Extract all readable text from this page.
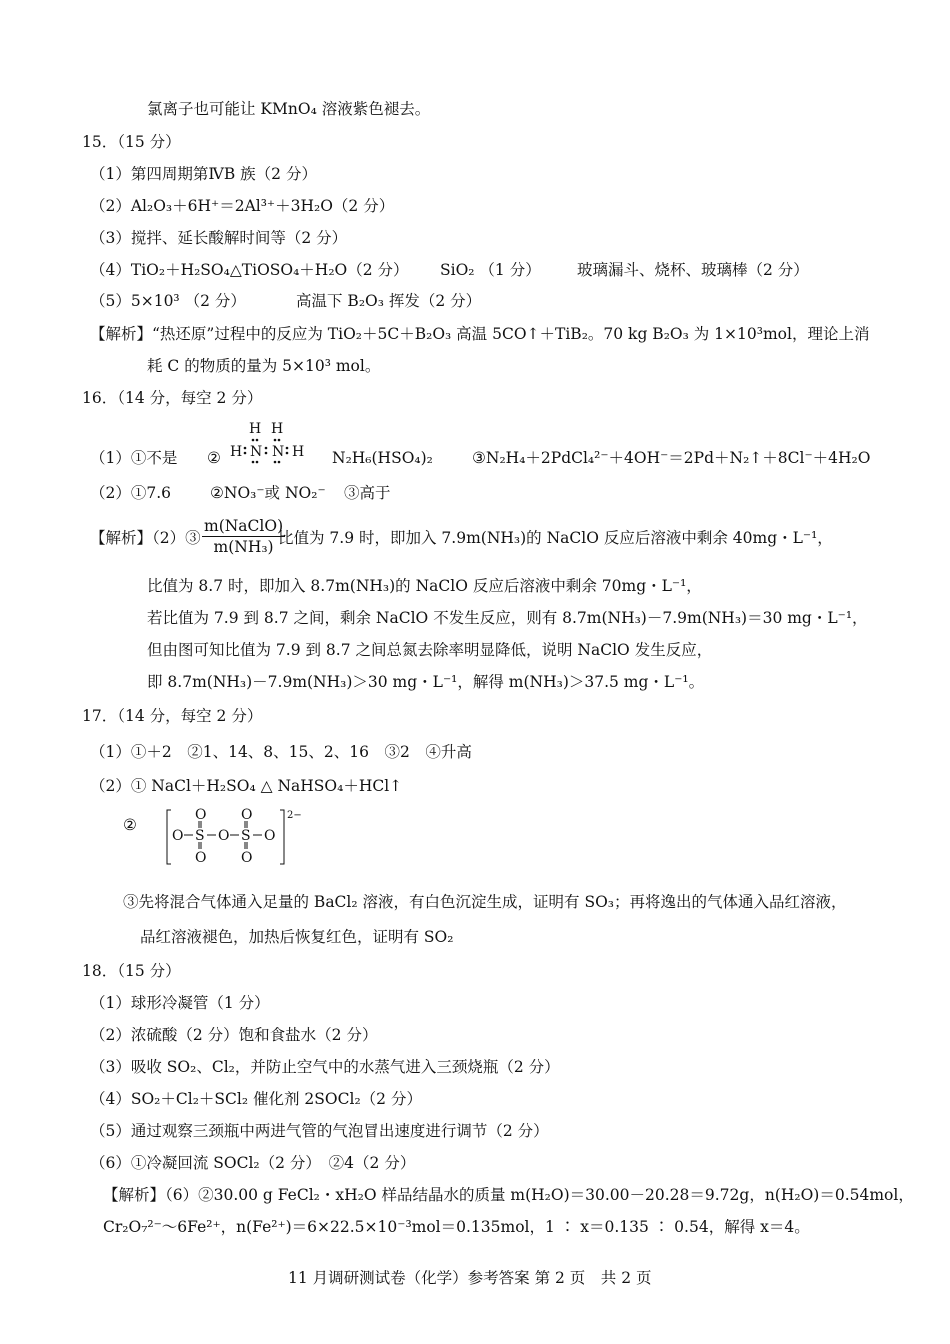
氯离子也可能让 KMnO₄ 溶液紫色褪去。
15．（15 分）
（1）第四周期第ⅣB 族（2 分）
（2）Al₂O₃＋6H⁺＝2Al³⁺＋3H₂O（2 分）
（3）搅拌、延长酸解时间等（2 分）
（4）TiO₂＋H₂SO₄△TiOSO₄＋H₂O（2 分） SiO₂ （1 分） 玻璃漏斗、烧杯、玻璃棒（2 分）
（5）5×10³ （2 分）	高温下 B₂O₃ 挥发（2 分）
【解析】“热还原”过程中的反应为 TiO₂＋5C＋B₂O₃ 高温 5CO↑＋TiB₂。70 kg B₂O₃ 为 1×10³mol，理论上消
耗 C 的物质的量为 5×10³ mol。
16．（14 分，每空 2 分）
（1）①不是 ②
H H
H N N H N₂H₆(HSO₄)₂	③N₂H₄＋2PdCl₄²⁻＋4OH⁻＝2Pd＋N₂↑＋8Cl⁻＋4H₂O
（2）①7.6	②NO₃⁻或 NO₂⁻ ③高于
【解析】（2）③ $\frac{\text{m(NaClO)}}{\text{m(NH₃)}}$
比值为 7.9 时，即加入 7.9m(NH₃)的 NaClO 反应后溶液中剩余 40mg・L⁻¹，
比值为 8.7 时，即加入 8.7m(NH₃)的 NaClO 反应后溶液中剩余 70mg・L⁻¹，
若比值为 7.9 到 8.7 之间，剩余 NaClO 不发生反应，则有 8.7m(NH₃)－7.9m(NH₃)＝30 mg・L⁻¹，
但由图可知比值为 7.9 到 8.7 之间总氮去除率明显降低，说明 NaClO 发生反应，
即 8.7m(NH₃)－7.9m(NH₃)＞30 mg・L⁻¹，解得 m(NH₃)＞37.5 mg・L⁻¹。
17．（14 分，每空 2 分）
（1）①＋2　②1、14、8、15、2、16　③2　④升高
（2）① NaCl＋H₂SO₄ △ NaHSO₄＋HCl↑
②
O O
O S O S O
O O
2−
③先将混合气体通入足量的 BaCl₂ 溶液，有白色沉淀生成，证明有 SO₃；再将逸出的气体通入品红溶液，
品红溶液褪色，加热后恢复红色，证明有 SO₂
18．（15 分）
（1）球形冷凝管（1 分）
（2）浓硫酸（2 分）饱和食盐水（2 分）
（3）吸收 SO₂、Cl₂，并防止空气中的水蒸气进入三颈烧瓶（2 分）
（4）SO₂＋Cl₂＋SCl₂ 催化剂 2SOCl₂（2 分）
（5）通过观察三颈瓶中两进气管的气泡冒出速度进行调节（2 分）
（6）①冷凝回流 SOCl₂（2 分）　②4（2 分）
【解析】（6）②30.00 g FeCl₂・xH₂O 样品结晶水的质量 m(H₂O)＝30.00－20.28＝9.72g，n(H₂O)＝0.54mol，
Cr₂O₇²⁻～6Fe²⁺，n(Fe²⁺)＝6×22.5×10⁻³mol＝0.135mol，1 ∶ x＝0.135 ∶ 0.54，解得 x＝4。
11 月调研测试卷（化学）参考答案 第 2 页　共 2 页
